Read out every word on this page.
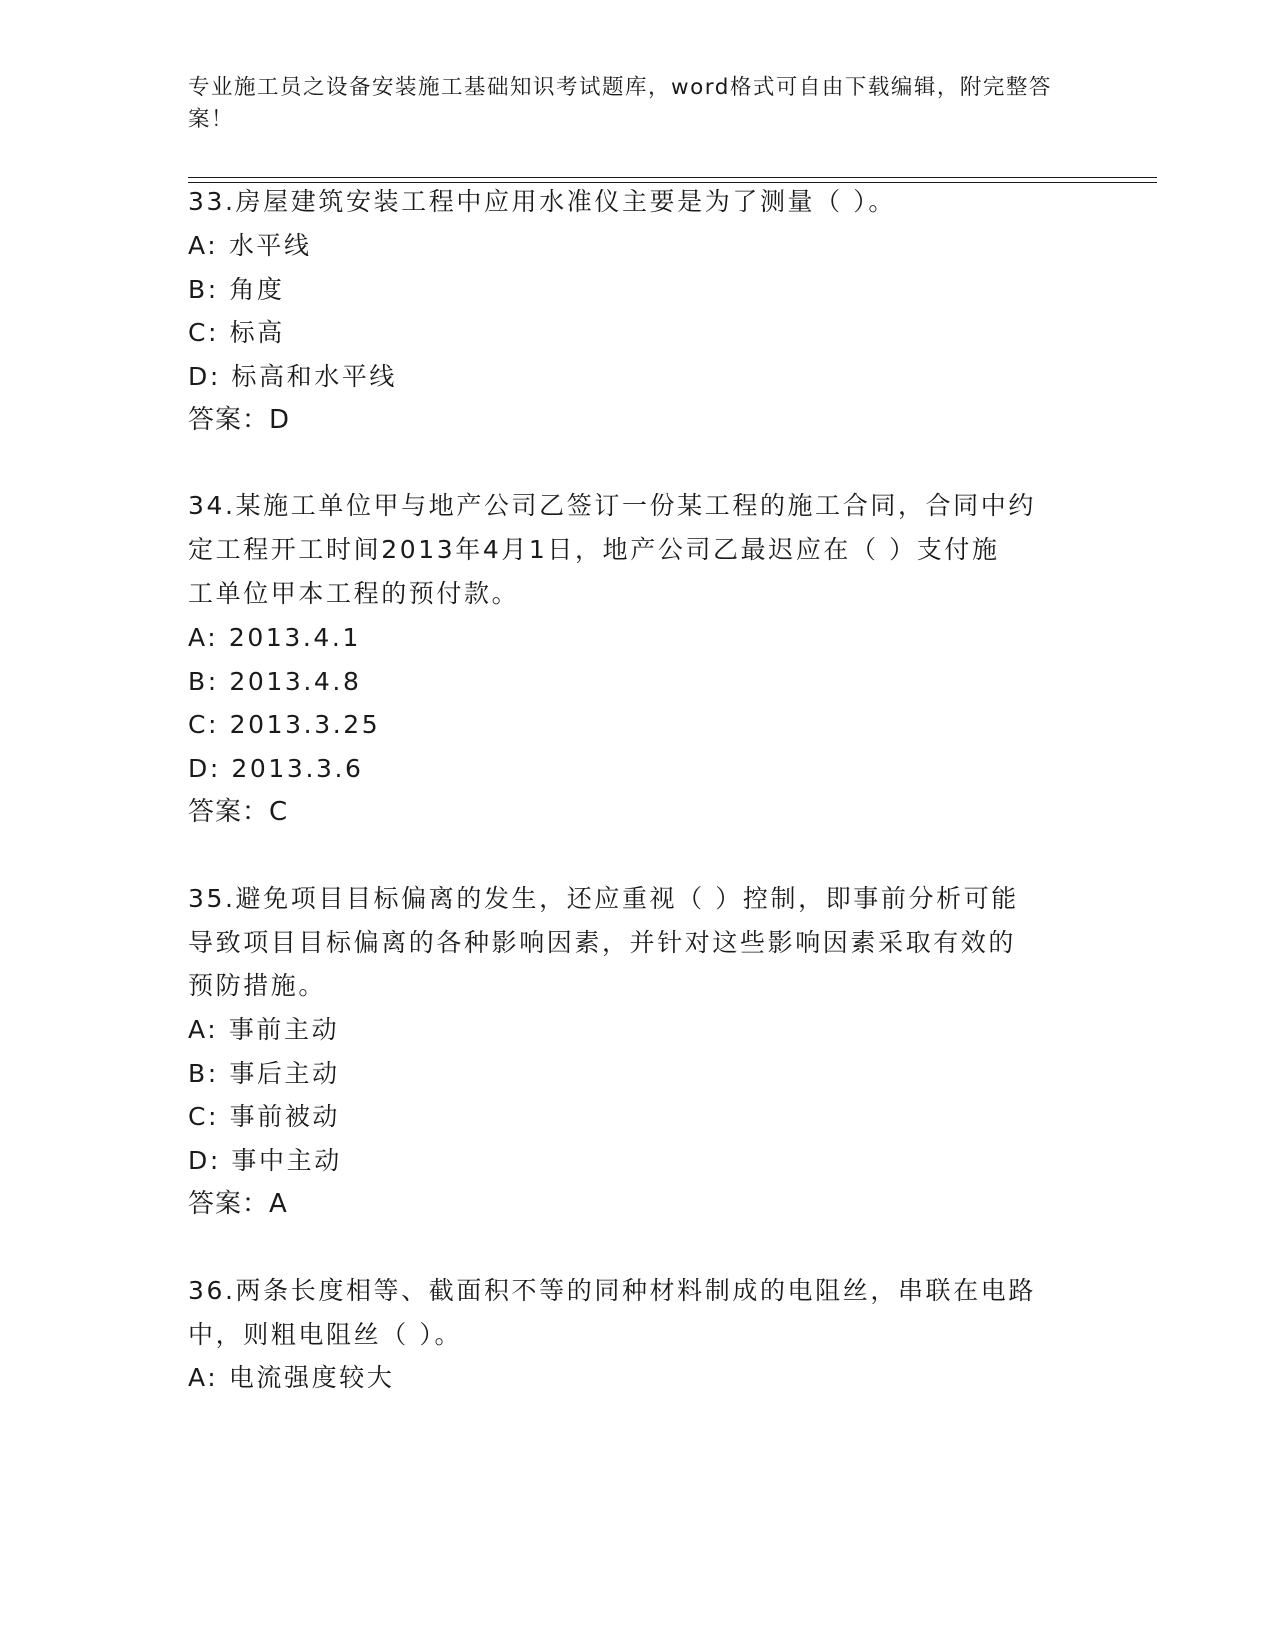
专业施工员之设备安装施工基础知识考试题库，word格式可自由下载编辑，附完整答案！
33.房屋建筑安装工程中应用水准仪主要是为了测量（ ）。
A: 水平线
B: 角度
C: 标高
D: 标高和水平线
答案：D
34.某施工单位甲与地产公司乙签订一份某工程的施工合同，合同中约
定工程开工时间2013年4月1日，地产公司乙最迟应在（ ）支付施
工单位甲本工程的预付款。
A: 2013.4.1
B: 2013.4.8
C: 2013.3.25
D: 2013.3.6
答案：C
35.避免项目目标偏离的发生，还应重视（ ）控制，即事前分析可能
导致项目目标偏离的各种影响因素，并针对这些影响因素采取有效的
预防措施。
A: 事前主动
B: 事后主动
C: 事前被动
D: 事中主动
答案：A
36.两条长度相等、截面积不等的同种材料制成的电阻丝，串联在电路
中，则粗电阻丝（ ）。
A: 电流强度较大
